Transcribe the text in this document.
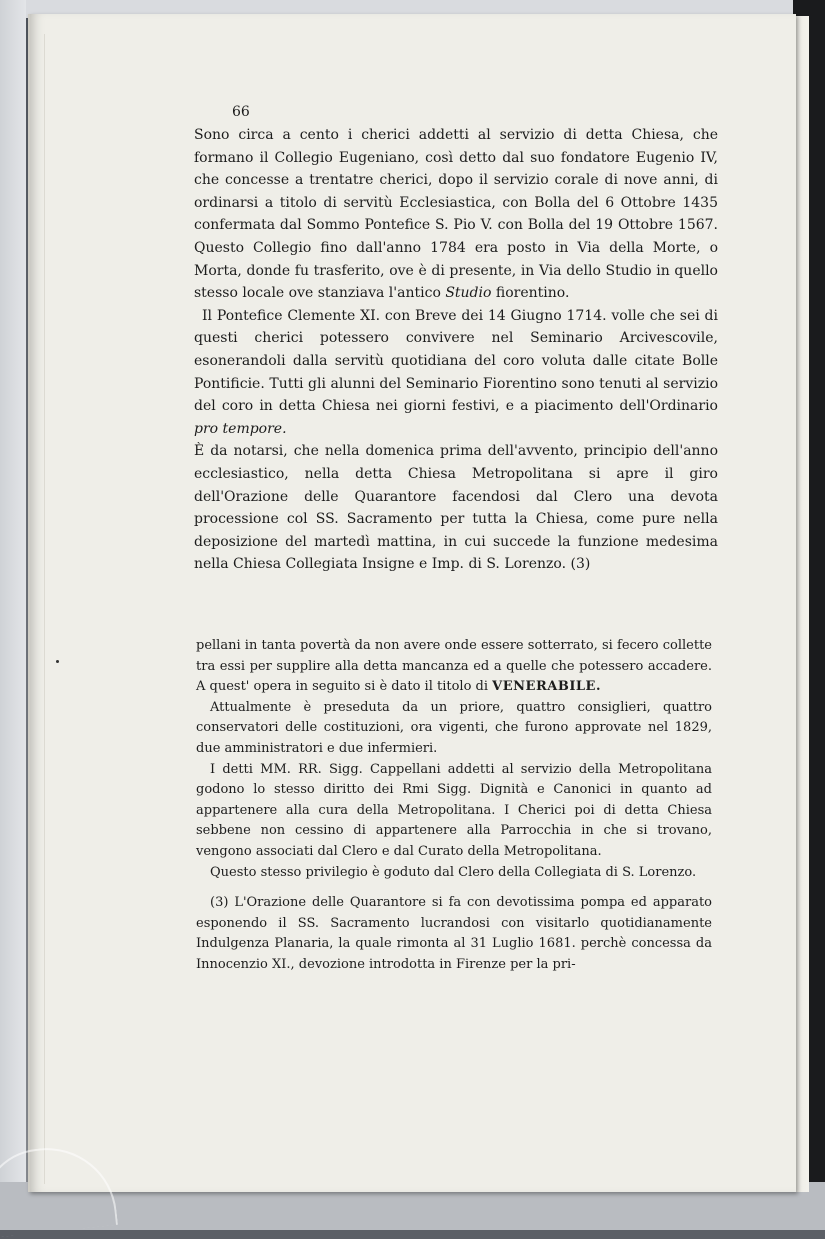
66

Sono circa a cento i cherici addetti al servizio di detta Chiesa, che formano il Collegio Eugeniano, così detto dal suo fondatore Eugenio IV, che concesse a trentatre cherici, dopo il servizio corale di nove anni, di ordinarsi a titolo di servitù Ecclesiastica, con Bolla del 6 Ottobre 1435 confermata dal Sommo Pontefice S. Pio V. con Bolla del 19 Ottobre 1567. Questo Collegio fino dall'anno 1784 era posto in Via della Morte, o Morta, donde fu trasferito, ove è di presente, in Via dello Studio in quello stesso locale ove stanziava l'antico Studio fiorentino.

Il Pontefice Clemente XI. con Breve dei 14 Giugno 1714. volle che sei di questi cherici potessero convivere nel Seminario Arcivescovile, esonerandoli dalla servitù quotidiana del coro voluta dalle citate Bolle Pontificie. Tutti gli alunni del Seminario Fiorentino sono tenuti al servizio del coro in detta Chiesa nei giorni festivi, e a piacimento dell'Ordinario pro tempore.

È da notarsi, che nella domenica prima dell'avvento, principio dell'anno ecclesiastico, nella detta Chiesa Metropolitana si apre il giro dell'Orazione delle Quarantore facendosi dal Clero una devota processione col SS. Sacramento per tutta la Chiesa, come pure nella deposizione del martedì mattina, in cui succede la funzione medesima nella Chiesa Collegiata Insigne e Imp. di S. Lorenzo. (3)

pellani in tanta povertà da non avere onde essere sotterrato, si fecero collette tra essi per supplire alla detta mancanza ed a quelle che potessero accadere. A quest' opera in seguito si è dato il titolo di VENERABILE.

Attualmente è preseduta da un priore, quattro consiglieri, quattro conservatori delle costituzioni, ora vigenti, che furono approvate nel 1829, due amministratori e due infermieri.

I detti MM. RR. Sigg. Cappellani addetti al servizio della Metropolitana godono lo stesso diritto dei Rmi Sigg. Dignità e Canonici in quanto ad appartenere alla cura della Metropolitana. I Cherici poi di detta Chiesa sebbene non cessino di appartenere alla Parrocchia in che si trovano, vengono associati dal Clero e dal Curato della Metropolitana.

Questo stesso privilegio è goduto dal Clero della Collegiata di S. Lorenzo.

(3) L'Orazione delle Quarantore si fa con devotissima pompa ed apparato esponendo il SS. Sacramento lucrandosi con visitarlo quotidianamente Indulgenza Planaria, la quale rimonta al 31 Luglio 1681. perchè concessa da Innocenzio XI., devozione introdotta in Firenze per la pri-
